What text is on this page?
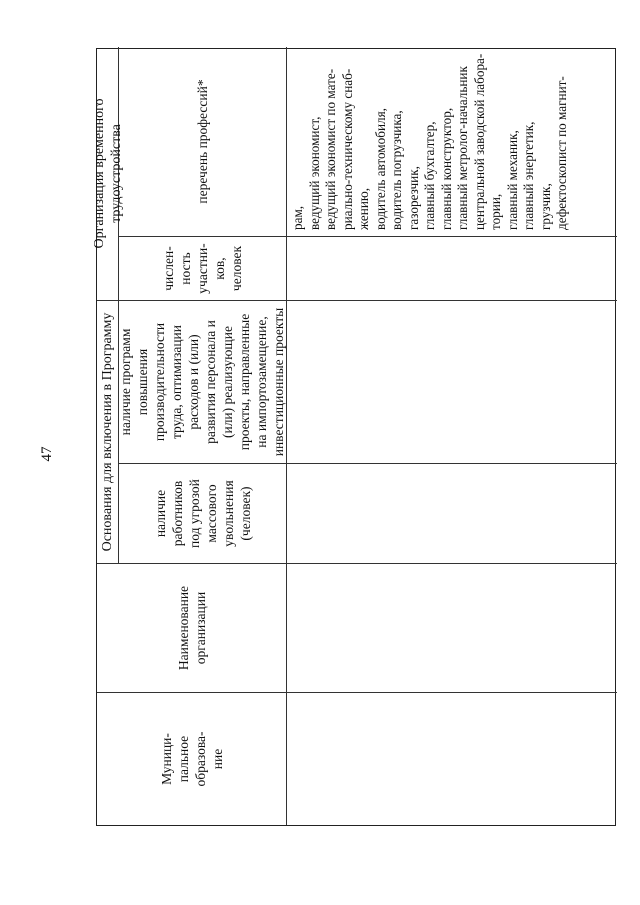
47
Муници- пальное образова- ние
Наименование организации
Основания для включения в Программу	наличие работников под угрозой массового увольнения (человек)
наличие программ повышения производительности труда, оптимизации расходов и (или) развития персонала и (или) реализующие проекты, направленные на импортозамещение, инвестиционные проекты
Организация временного трудоустройства
числен- ность участни- ков, человек
перечень профессий*
рам, ведущий экономист, ведущий экономист по мате- риально-техническому снаб- жению, водитель автомобиля, водитель погрузчика, газорезчик, главный бухгалтер, главный конструктор, главный метролог-начальник центральной заводской лабора- тории, главный механик, главный энергетик, грузчик, дефектоскопист по магнит-
